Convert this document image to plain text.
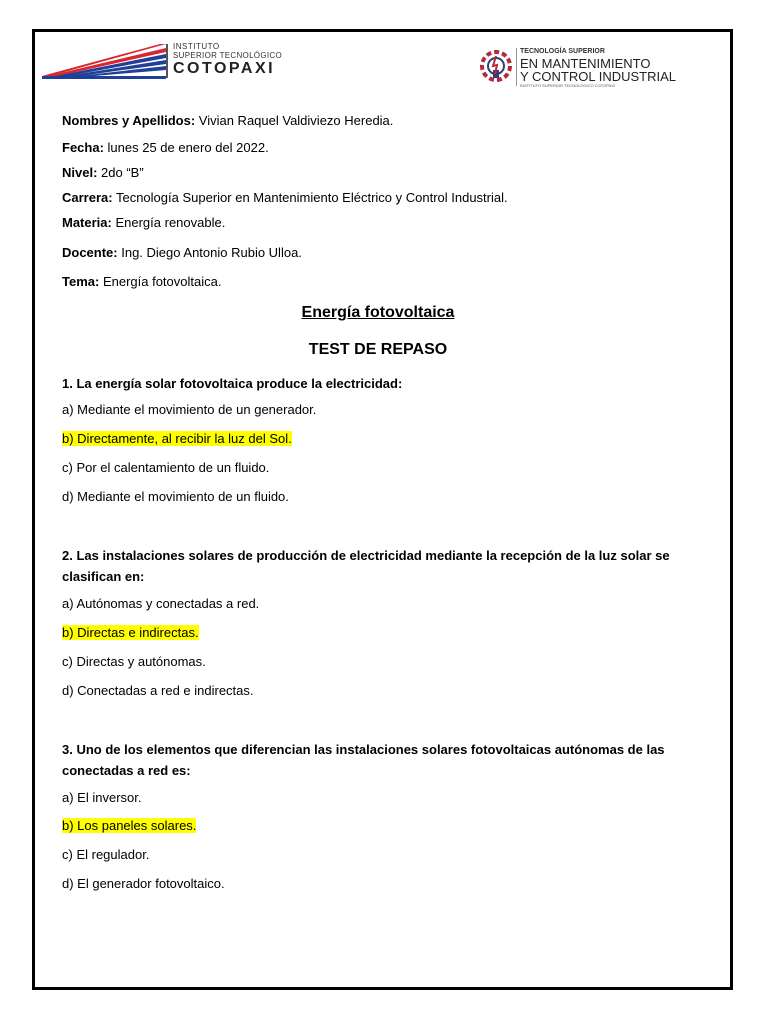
INSTITUTO
SUPERIOR TECNOLÓGICO
COTOPAXI
TECNOLOGÍA SUPERIOR
EN MANTENIMIENTO
Y CONTROL INDUSTRIAL
INSTITUTO SUPERIOR TECNOLÓGICO COTOPAXI
Nombres y Apellidos: Vivian Raquel Valdiviezo Heredia.
Fecha: lunes 25 de enero del 2022.
Nivel: 2do “B”
Carrera: Tecnología Superior en Mantenimiento Eléctrico y Control Industrial.
Materia: Energía renovable.
Docente: Ing. Diego Antonio Rubio Ulloa.
Tema: Energía fotovoltaica.
Energía fotovoltaica
TEST DE REPASO
1. La energía solar fotovoltaica produce la electricidad:
a) Mediante el movimiento de un generador.
b) Directamente, al recibir la luz del Sol.
c) Por el calentamiento de un fluido.
d) Mediante el movimiento de un fluido.
2. Las instalaciones solares de producción de electricidad mediante la recepción de la luz solar se clasifican en:
a) Autónomas y conectadas a red.
b) Directas e indirectas.
c) Directas y autónomas.
d) Conectadas a red e indirectas.
3. Uno de los elementos que diferencian las instalaciones solares fotovoltaicas autónomas de las conectadas a red es:
a) El inversor.
b) Los paneles solares.
c) El regulador.
d) El generador fotovoltaico.
